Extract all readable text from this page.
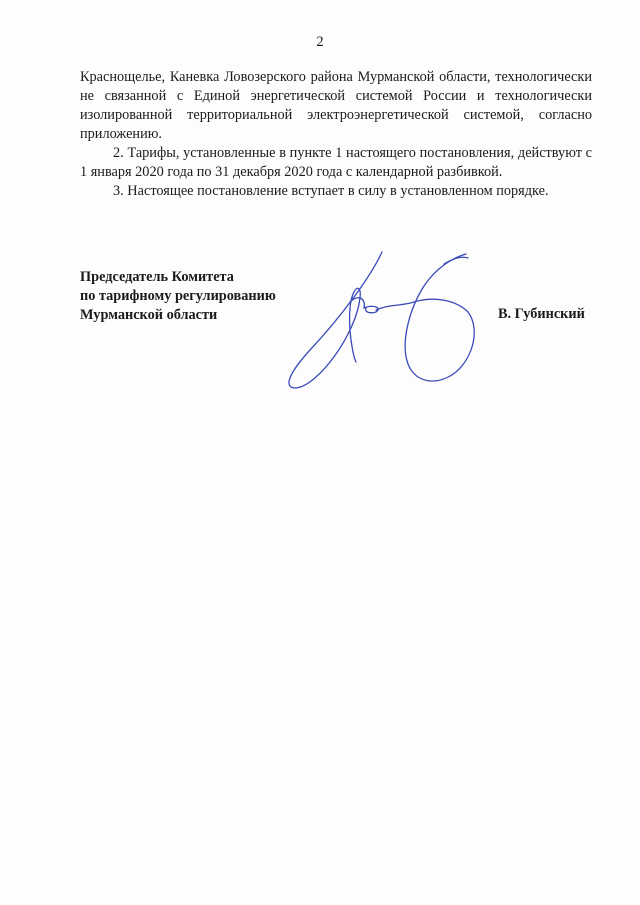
2

Краснощелье, Каневка Ловозерского района Мурманской области, технологически не связанной с Единой энергетической системой России и технологически изолированной территориальной электроэнергетической системой, согласно приложению.

2. Тарифы, установленные в пункте 1 настоящего постановления, действуют с 1 января 2020 года по 31 декабря 2020 года с календарной разбивкой.

3. Настоящее постановление вступает в силу в установленном порядке.

Председатель Комитета
по тарифному регулированию
Мурманской области	В. Губинский
